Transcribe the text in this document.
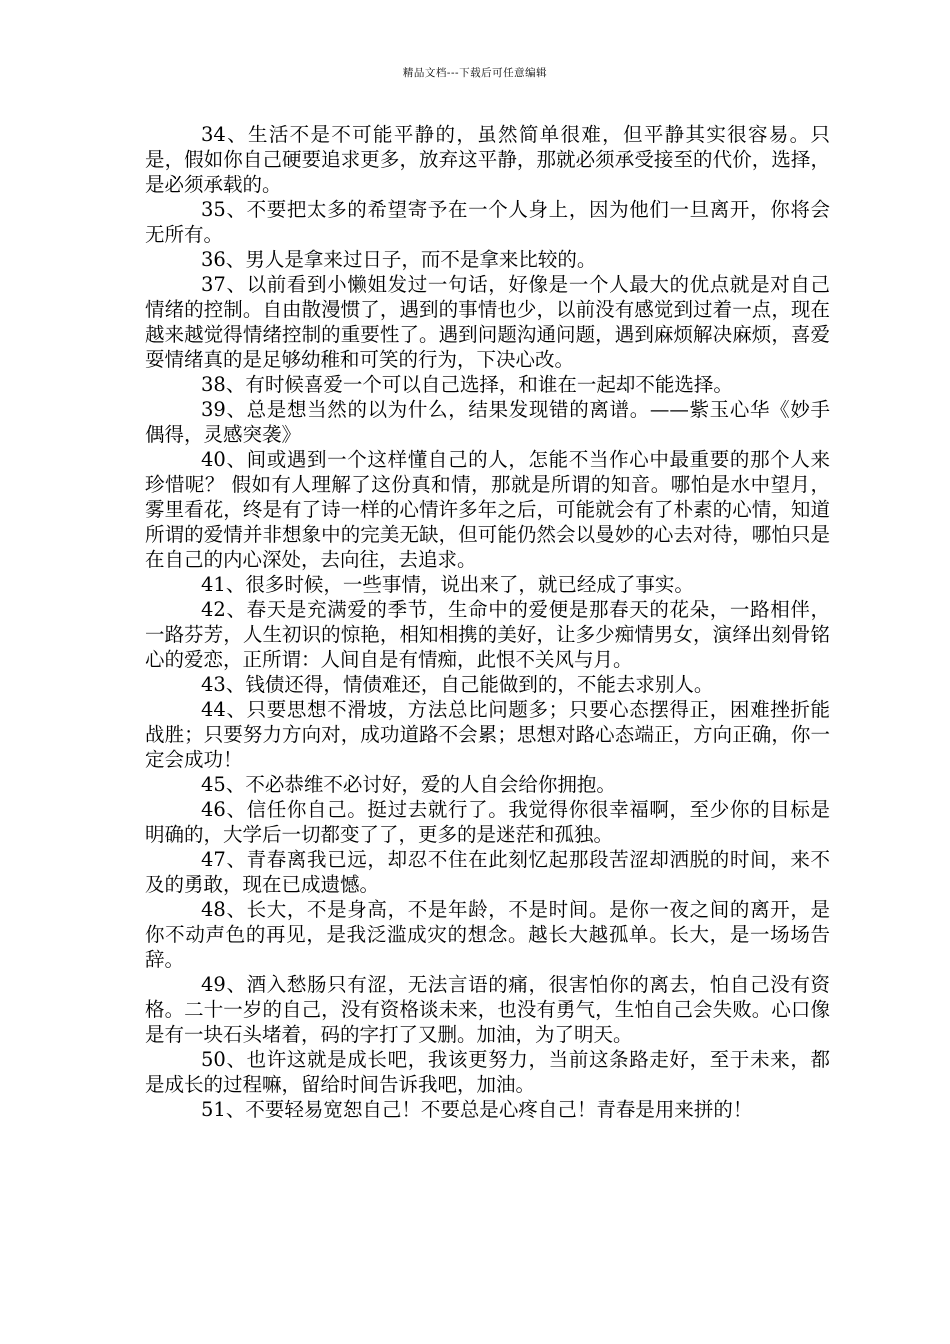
精品文档---下载后可任意编辑

34、生活不是不可能平静的，虽然简单很难，但平静其实很容易。只是，假如你自己硬要追求更多，放弃这平静，那就必须承受接至的代价，选择，是必须承载的。

35、不要把太多的希望寄予在一个人身上，因为他们一旦离开，你将会无所有。

36、男人是拿来过日子，而不是拿来比较的。

37、以前看到小懒姐发过一句话，好像是一个人最大的优点就是对自己情绪的控制。自由散漫惯了，遇到的事情也少，以前没有感觉到过着一点，现在越来越觉得情绪控制的重要性了。遇到问题沟通问题，遇到麻烦解决麻烦，喜爱耍情绪真的是足够幼稚和可笑的行为，下决心改。

38、有时候喜爱一个可以自己选择，和谁在一起却不能选择。

39、总是想当然的以为什么，结果发现错的离谱。——紫玉心华《妙手偶得，灵感突袭》

40、间或遇到一个这样懂自己的人，怎能不当作心中最重要的那个人来珍惜呢？ 假如有人理解了这份真和情，那就是所谓的知音。哪怕是水中望月，雾里看花，终是有了诗一样的心情许多年之后，可能就会有了朴素的心情，知道所谓的爱情并非想象中的完美无缺，但可能仍然会以曼妙的心去对待，哪怕只是在自己的内心深处，去向往，去追求。

41、很多时候，一些事情，说出来了，就已经成了事实。

42、春天是充满爱的季节，生命中的爱便是那春天的花朵，一路相伴，一路芬芳，人生初识的惊艳，相知相携的美好，让多少痴情男女，演绎出刻骨铭心的爱恋，正所谓：人间自是有情痴，此恨不关风与月。

43、钱债还得，情债难还，自己能做到的，不能去求别人。

44、只要思想不滑坡，方法总比问题多；只要心态摆得正，困难挫折能战胜；只要努力方向对，成功道路不会累；思想对路心态端正，方向正确，你一定会成功！

45、不必恭维不必讨好，爱的人自会给你拥抱。

46、信任你自己。挺过去就行了。我觉得你很幸福啊，至少你的目标是明确的，大学后一切都变了了，更多的是迷茫和孤独。

47、青春离我已远，却忍不住在此刻忆起那段苦涩却洒脱的时间，来不及的勇敢，现在已成遗憾。

48、长大，不是身高，不是年龄，不是时间。是你一夜之间的离开，是你不动声色的再见，是我泛滥成灾的想念。越长大越孤单。长大，是一场场告辞。

49、酒入愁肠只有涩，无法言语的痛，很害怕你的离去，怕自己没有资格。二十一岁的自己，没有资格谈未来，也没有勇气，生怕自己会失败。心口像是有一块石头堵着，码的字打了又删。加油，为了明天。

50、也许这就是成长吧，我该更努力，当前这条路走好，至于未来，都是成长的过程嘛，留给时间告诉我吧，加油。

51、不要轻易宽恕自己！不要总是心疼自己！青春是用来拼的！
